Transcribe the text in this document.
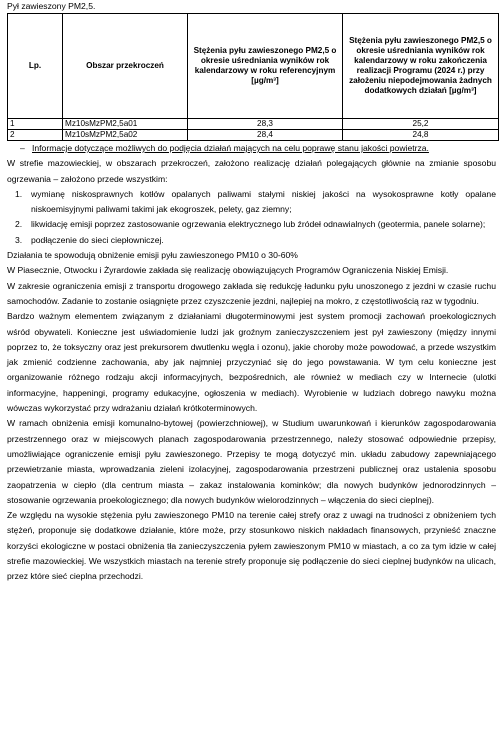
Pył zawieszony PM2,5.
Lp.	Obszar przekroczeń	Stężenia pyłu zawieszonego PM2,5 o okresie uśredniania wyników rok kalendarzowy w roku referencyjnym [µg/m³]	Stężenia pyłu zawieszonego PM2,5 o okresie uśredniania wyników rok kalendarzowy w roku zakończenia realizacji Programu (2024 r.) przy założeniu niepodejmowania żadnych dodatkowych działań [µg/m³]
1	Mz10sMzPM2,5a01	28,3	25,2
2	Mz10sMzPM2,5a02	28,4	24,8

– Informacje dotyczące możliwych do podjęcia działań mających na celu poprawę stanu jakości powietrza.

W strefie mazowieckiej, w obszarach przekroczeń, założono realizację działań polegających głównie na zmianie sposobu ogrzewania – założono przede wszystkim:

1. wymianę niskosprawnych kotłów opalanych paliwami stałymi niskiej jakości na wysokosprawne kotły opalane niskoemisyjnymi paliwami takimi jak ekogroszek, pelety, gaz ziemny;

2. likwidację emisji poprzez zastosowanie ogrzewania elektrycznego lub źródeł odnawialnych (geotermia, panele solarne);

3. podłączenie do sieci ciepłowniczej.

Działania te spowodują obniżenie emisji pyłu zawieszonego PM10 o 30-60%

W Piasecznie, Otwocku i Żyrardowie zakłada się realizację obowiązujących Programów Ograniczenia Niskiej Emisji.

W zakresie ograniczenia emisji z transportu drogowego zakłada się redukcję ładunku pyłu unoszonego z jezdni w czasie ruchu samochodów. Zadanie to zostanie osiągnięte przez czyszczenie jezdni, najlepiej na mokro, z częstotliwością raz w tygodniu.

Bardzo ważnym elementem związanym z działaniami długoterminowymi jest system promocji zachowań proekologicznych wśród obywateli. Konieczne jest uświadomienie ludzi jak groźnym zanieczyszczeniem jest pył zawieszony (między innymi poprzez to, że toksyczny oraz jest prekursorem dwutlenku węgla i ozonu), jakie choroby może powodować, a przede wszystkim jak zmienić codzienne zachowania, aby jak najmniej przyczyniać się do jego powstawania. W tym celu konieczne jest organizowanie różnego rodzaju akcji informacyjnych, bezpośrednich, ale również w mediach czy w Internecie (ulotki informacyjne, happeningi, programy edukacyjne, ogłoszenia w mediach). Wyrobienie w ludziach dobrego nawyku można wówczas wykorzystać przy wdrażaniu działań krótkoterminowych.

W ramach obniżenia emisji komunalno-bytowej (powierzchniowej), w Studium uwarunkowań i kierunków zagospodarowania przestrzennego oraz w miejscowych planach zagospodarowania przestrzennego, należy stosować odpowiednie przepisy, umożliwiające ograniczenie emisji pyłu zawieszonego. Przepisy te mogą dotyczyć min. układu zabudowy zapewniającego przewietrzanie miasta, wprowadzania zieleni izolacyjnej, zagospodarowania przestrzeni publicznej oraz ustalenia sposobu zaopatrzenia w ciepło (dla centrum miasta – zakaz instalowania kominków; dla nowych budynków jednorodzinnych – stosowanie ogrzewania proekologicznego; dla nowych budynków wielorodzinnych – włączenia do sieci cieplnej).

Ze względu na wysokie stężenia pyłu zawieszonego PM10 na terenie całej strefy oraz z uwagi na trudności z obniżeniem tych stężeń, proponuje się dodatkowe działanie, które może, przy stosunkowo niskich nakładach finansowych, przynieść znaczne korzyści ekologiczne w postaci obniżenia tła zanieczyszczenia pyłem zawieszonym PM10 w miastach, a co za tym idzie w całej strefie mazowieckiej. We wszystkich miastach na terenie strefy proponuje się podłączenie do sieci cieplnej budynków na ulicach, przez które sieć cieplna przechodzi.
